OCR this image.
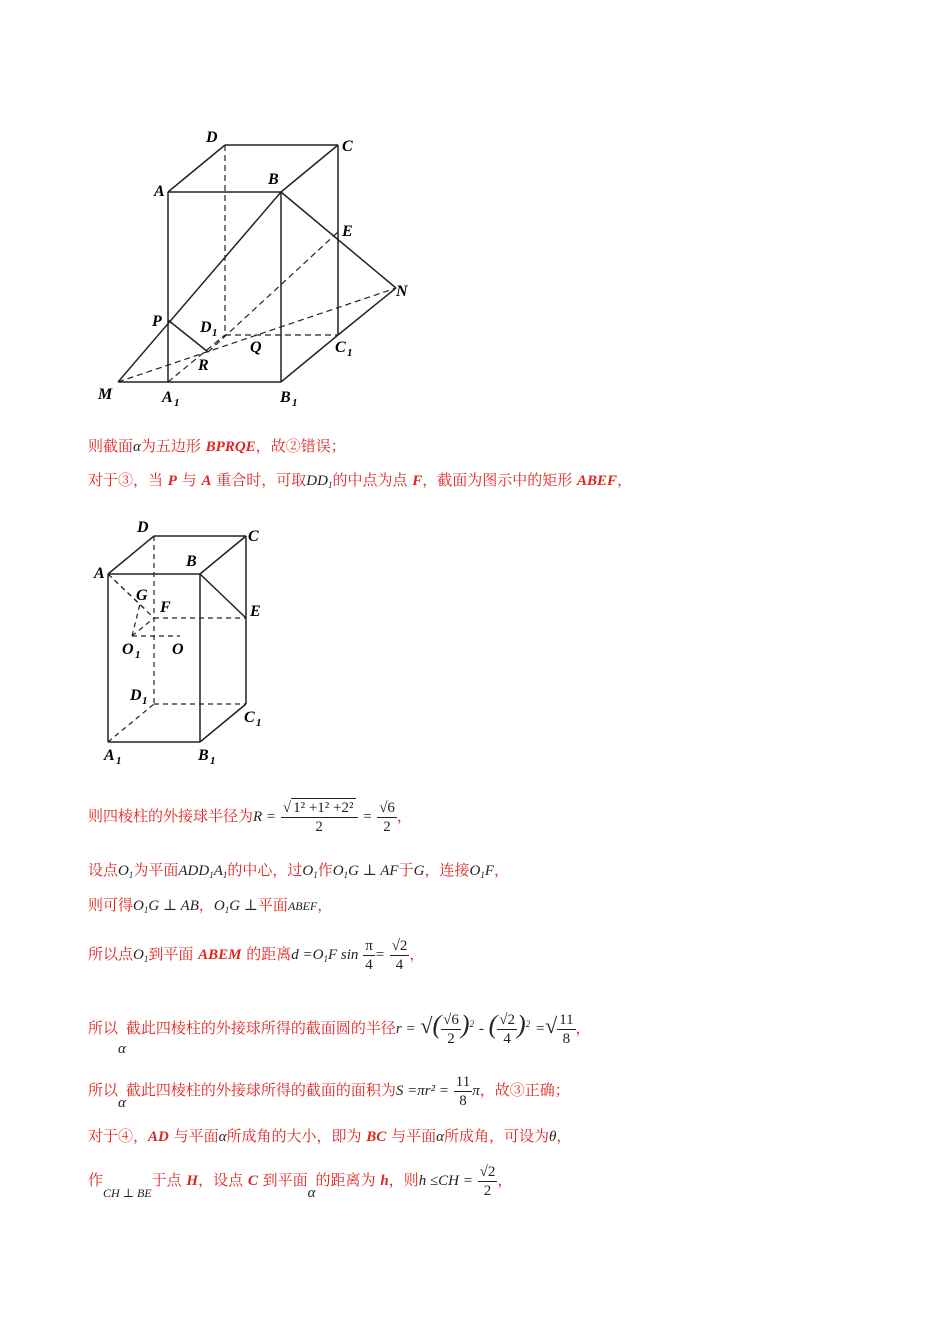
D
C
A
B
E
N
P D 1
Q	C 1
R
M	A 1	B 1
则截面α为五边形 BPRQE，故②错误；
对于③，当 P 与 A 重合时，可取$DD_1$的中点为点 F，截面为图示中的矩形 ABEF，
D
C
B
A
G
F	E
O 1 O
D 1
C 1
A 1	B 1
则四棱柱的外接球半径为$R = \frac{\text{√ 1² +1² +2²}}{2} = \frac{√6}{2}$ ，
设点$O_1$为平面$ADD_1A_1$的中心，过$O_1$作$O_1G$ ⊥ AF于G，连接$O_1F$，
则可得$O_1G$ ⊥ AB，$O_1G$ ⊥平面ABEF，
所以点$O_1$到平面 ABEM 的距离$d =O_1F$ $\sin \frac{\pi}{4} = \frac{√2}{4}$ ，
所以α截此四棱柱的外接球所得的截面圆的半径r = √( $\frac{√6}{2} )^2$ - ( $\frac{√2}{4} )^2$ =√ $\frac{11}{8}$ ，
所以α截此四棱柱的外接球所得的截面的面积为$S =\pi r^2 = \frac{11}{8}$ π，故③正确；
对于④，AD 与平面α所成角的大小，即为 BC 与平面α所成角，可设为θ，
作$_{CH \perp BE}$于点 H，设点 C 到平面α的距离为 h，则$h \le CH = \frac{√2}{2}$ ，
